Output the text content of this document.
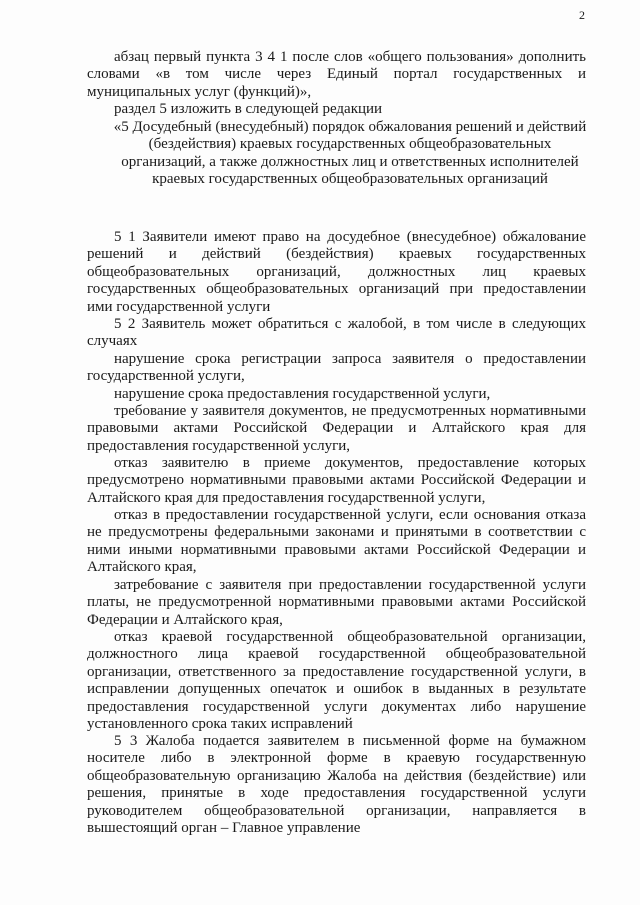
2

абзац первый пункта 3 4 1 после слов «общего пользования» дополнить словами «в том числе через Единый портал государственных и муниципальных услуг (функций)»,

раздел 5 изложить в следующей редакции

«5 Досудебный (внесудебный) порядок обжалования решений и действий (бездействия) краевых государственных общеобразовательных организаций, а также должностных лиц и ответственных исполнителей краевых государственных общеобразовательных организаций

5 1 Заявители имеют право на досудебное (внесудебное) обжалование решений и действий (бездействия) краевых государственных общеобразовательных организаций, должностных лиц краевых государственных общеобразовательных организаций при предоставлении ими государственной услуги

5 2 Заявитель может обратиться с жалобой, в том числе в следующих случаях

нарушение срока регистрации запроса заявителя о предоставлении государственной услуги,

нарушение срока предоставления государственной услуги,

требование у заявителя документов, не предусмотренных нормативными правовыми актами Российской Федерации и Алтайского края для предоставления государственной услуги,

отказ заявителю в приеме документов, предоставление которых предусмотрено нормативными правовыми актами Российской Федерации и Алтайского края для предоставления государственной услуги,

отказ в предоставлении государственной услуги, если основания отказа не предусмотрены федеральными законами и принятыми в соответствии с ними иными нормативными правовыми актами Российской Федерации и Алтайского края,

затребование с заявителя при предоставлении государственной услуги платы, не предусмотренной нормативными правовыми актами Российской Федерации и Алтайского края,

отказ краевой государственной общеобразовательной организации, должностного лица краевой государственной общеобразовательной организации, ответственного за предоставление государственной услуги, в исправлении допущенных опечаток и ошибок в выданных в результате предоставления государственной услуги документах либо нарушение установленного срока таких исправлений

5 3 Жалоба подается заявителем в письменной форме на бумажном носителе либо в электронной форме в краевую государственную общеобразовательную организацию Жалоба на действия (бездействие) или решения, принятые в ходе предоставления государственной услуги руководителем общеобразовательной организации, направляется в вышестоящий орган – Главное управление
